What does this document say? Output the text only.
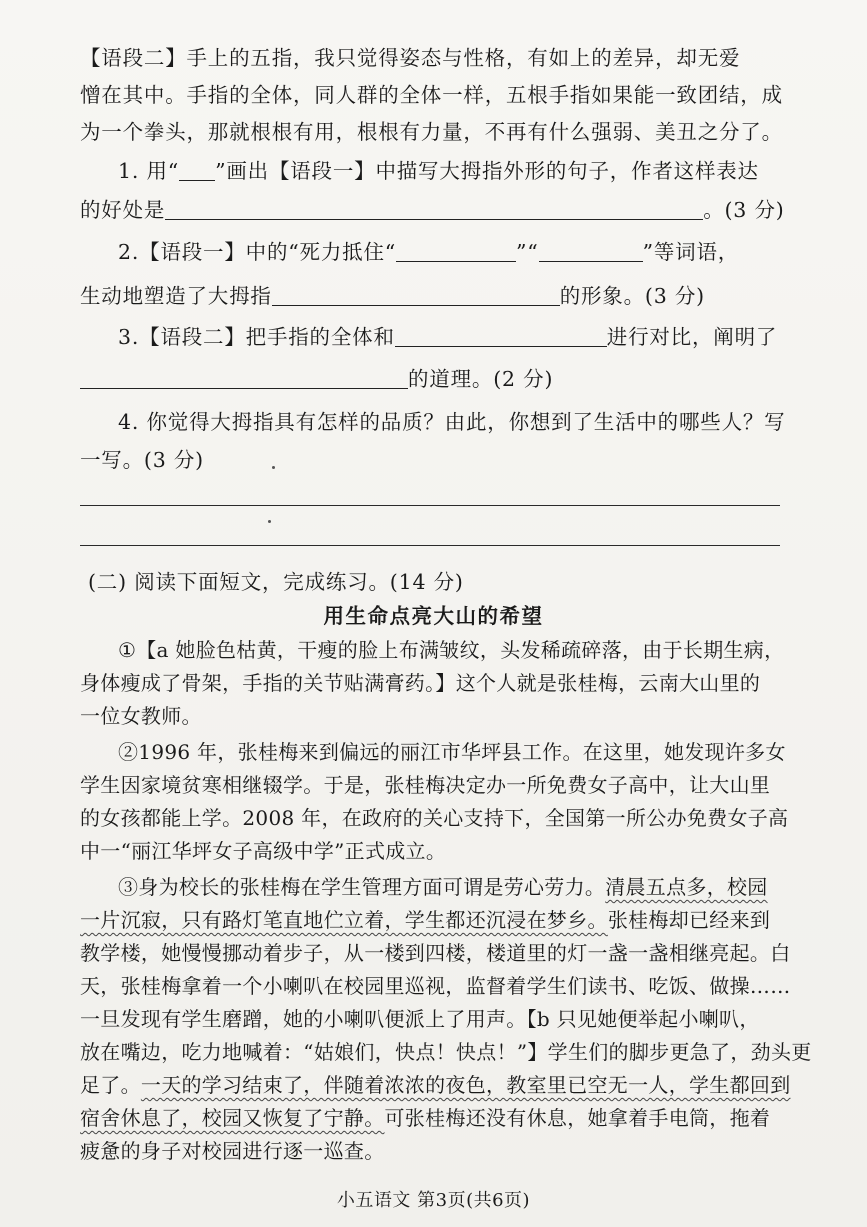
【语段二】手上的五指，我只觉得姿态与性格，有如上的差异，却无爱
憎在其中。手指的全体，同人群的全体一样，五根手指如果能一致团结，成
为一个拳头，那就根根有用，根根有力量，不再有什么强弱、美丑之分了。
1. 用“ ”画出【语段一】中描写大拇指外形的句子，作者这样表达
的好处是	。(3 分)
2.【语段一】中的“死力抵住“	”“	”等词语，
生动地塑造了大拇指	的形象。(3 分)
3.【语段二】把手指的全体和	进行对比，阐明了
的道理。(2 分)
4. 你觉得大拇指具有怎样的品质？由此，你想到了生活中的哪些人？写
一写。(3 分)
(二) 阅读下面短文，完成练习。(14 分)
用生命点亮大山的希望
①【a 她脸色枯黄，干瘦的脸上布满皱纹，头发稀疏碎落，由于长期生病，
身体瘦成了骨架，手指的关节贴满膏药。】这个人就是张桂梅，云南大山里的
一位女教师。
②1996 年，张桂梅来到偏远的丽江市华坪县工作。在这里，她发现许多女
学生因家境贫寒相继辍学。于是，张桂梅决定办一所免费女子高中，让大山里
的女孩都能上学。2008 年，在政府的关心支持下，全国第一所公办免费女子高
中一“丽江华坪女子高级中学”正式成立。
③身为校长的张桂梅在学生管理方面可谓是劳心劳力。清晨五点多，校园
一片沉寂，只有路灯笔直地伫立着，学生都还沉浸在梦乡。张桂梅却已经来到
教学楼，她慢慢挪动着步子，从一楼到四楼，楼道里的灯一盏一盏相继亮起。白
天，张桂梅拿着一个小喇叭在校园里巡视，监督着学生们读书、吃饭、做操……
一旦发现有学生磨蹭，她的小喇叭便派上了用声。【b 只见她便举起小喇叭，
放在嘴边，吃力地喊着：“姑娘们，快点！快点！”】学生们的脚步更急了，劲头更
足了。一天的学习结束了，伴随着浓浓的夜色，教室里已空无一人，学生都回到
宿舍休息了，校园又恢复了宁静。可张桂梅还没有休息，她拿着手电筒，拖着
疲惫的身子对校园进行逐一巡查。
小五语文 第3页(共6页)
